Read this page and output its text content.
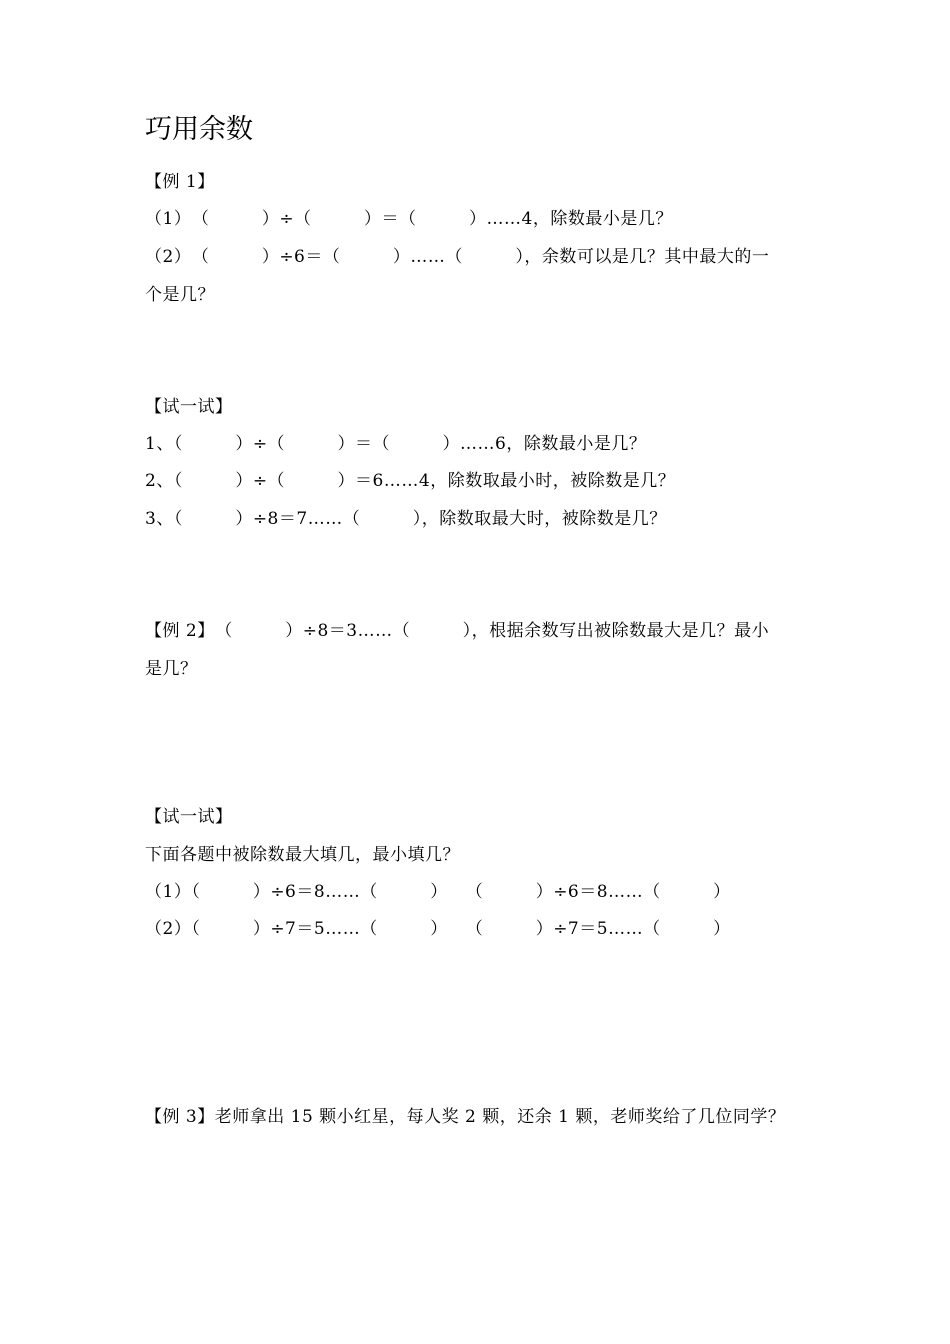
巧用余数
【例 1】
（1）　（　　　）÷（　　　）＝（　　　）……4，除数最小是几？
（2）　（　　　）÷6＝（　　　）……（　　　），余数可以是几？其中最大的一
个是几？
【试一试】
1、（　　　）÷（　　　）＝（　　　）……6，除数最小是几？
2、（　　　）÷（　　　）＝6……4，除数取最小时，被除数是几？
3、（　　　）÷8＝7……（　　　），除数取最大时，被除数是几？
【例 2】　（　　　）÷8＝3……（　　　），根据余数写出被除数最大是几？最小
是几？
【试一试】
下面各题中被除数最大填几，最小填几？
（1）（　　　）÷6＝8……（　　　）　　（　　　）÷6＝8……（　　　）
（2）（　　　）÷7＝5……（　　　）　　（　　　）÷7＝5……（　　　）
【例 3】老师拿出 15 颗小红星，每人奖 2 颗，还余 1 颗，老师奖给了几位同学？
